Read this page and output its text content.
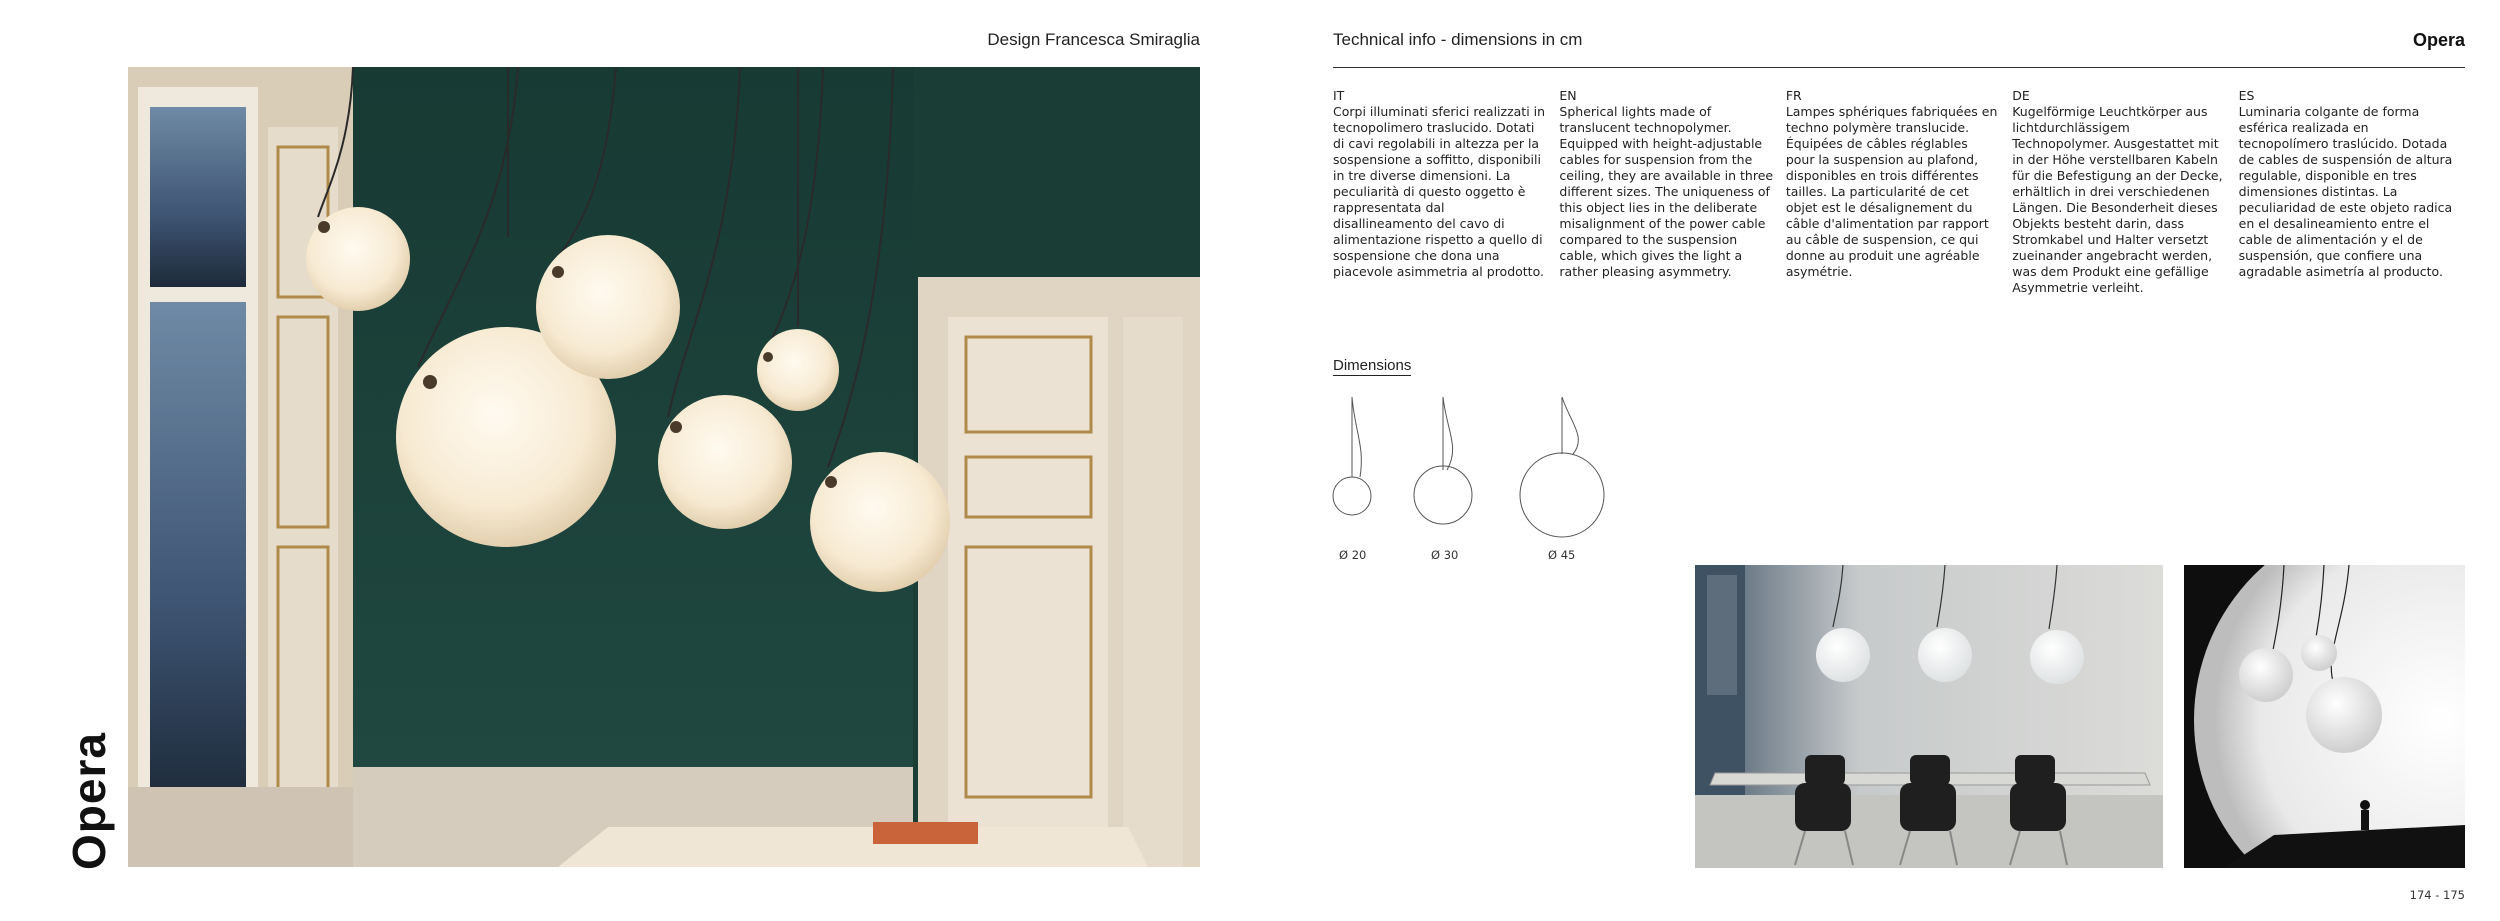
Opera
Design Francesca Smiraglia	Technical info - dimensions in cm	Opera
IT
Corpi illuminati sferici realizzati in tecnopolimero traslucido. Dotati di cavi regolabili in altezza per la sospensione a soffitto, disponibili in tre diverse dimensioni. La peculiarità di questo oggetto è rappresentata dal disallineamento del cavo di alimentazione rispetto a quello di sospensione che dona una piacevole asimmetria al prodotto.
EN
Spherical lights made of translucent technopolymer. Equipped with height-adjustable cables for suspension from the ceiling, they are available in three different sizes. The uniqueness of this object lies in the deliberate misalignment of the power cable compared to the suspension cable, which gives the light a rather pleasing asymmetry.
FR
Lampes sphériques fabriquées en techno polymère translucide. Équipées de câbles réglables pour la suspension au plafond, disponibles en trois différentes tailles. La particularité de cet objet est le désalignement du câble d'alimentation par rapport au câble de suspension, ce qui donne au produit une agréable asymétrie.
DE
Kugelförmige Leuchtkörper aus lichtdurchlässigem Technopolymer. Ausgestattet mit in der Höhe verstellbaren Kabeln für die Befestigung an der Decke, erhältlich in drei verschiedenen Längen. Die Besonderheit dieses Objekts besteht darin, dass Stromkabel und Halter versetzt zueinander angebracht werden, was dem Produkt eine gefällige Asymmetrie verleiht.
ES
Luminaria colgante de forma esférica realizada en tecnopolímero traslúcido. Dotada de cables de suspensión de altura regulable, disponible en tres dimensiones distintas. La peculiaridad de este objeto radica en el desalineamiento entre el cable de alimentación y el de suspensión, que confiere una agradable asimetría al producto.
Dimensions
Ø 20	Ø 30	Ø 45
174 - 175
